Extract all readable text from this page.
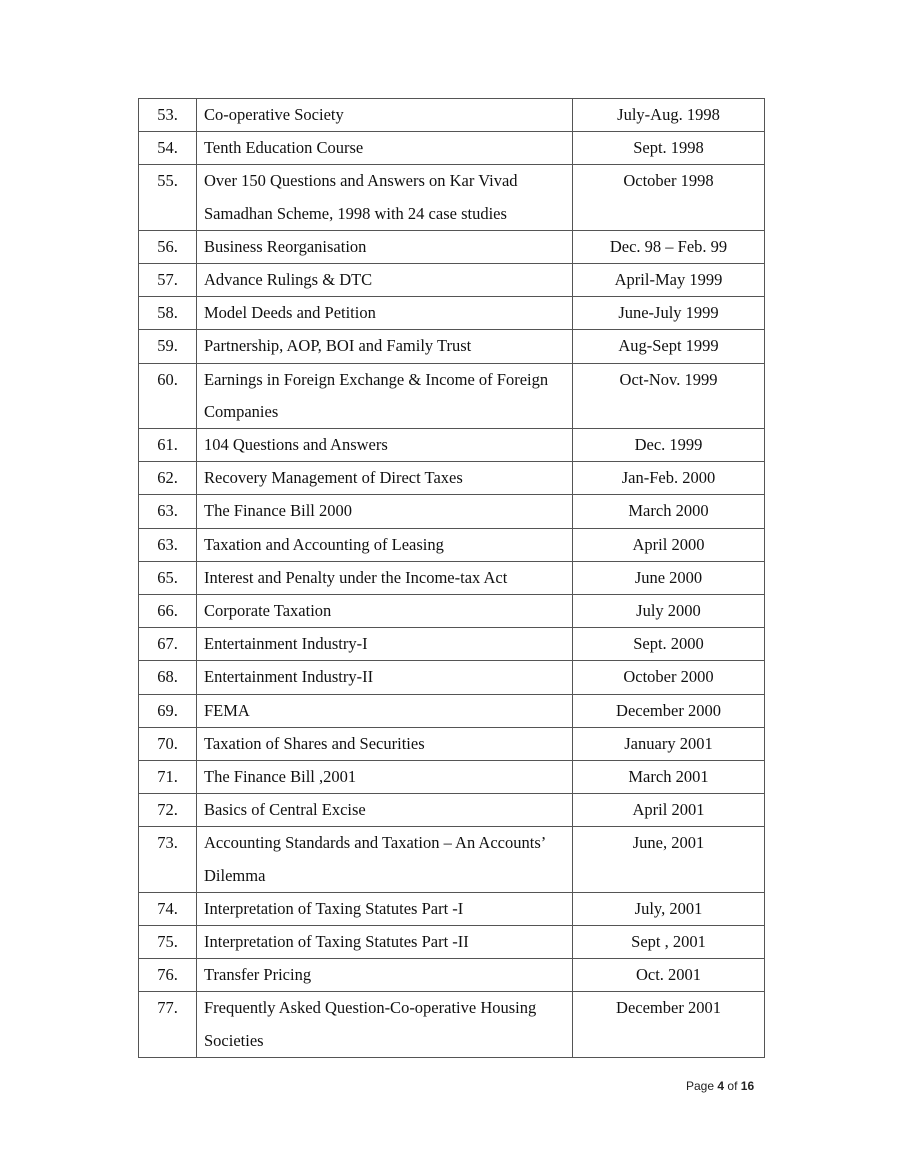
53.	Co-operative Society	July-Aug. 1998
54.	Tenth Education Course	Sept. 1998
55.	Over 150 Questions and Answers on Kar Vivad Samadhan Scheme, 1998 with 24 case studies	October 1998
56.	Business Reorganisation	Dec. 98 – Feb. 99
57.	Advance Rulings & DTC	April-May 1999
58.	Model Deeds and Petition	June-July 1999
59.	Partnership, AOP, BOI and Family Trust	Aug-Sept 1999
60.	Earnings in Foreign Exchange & Income of Foreign Companies	Oct-Nov. 1999
61.	104 Questions and Answers	Dec. 1999
62.	Recovery Management of Direct Taxes	Jan-Feb. 2000
63.	The Finance Bill 2000	March 2000
63.	Taxation and Accounting of Leasing	April 2000
65.	Interest and Penalty under the Income-tax Act	June 2000
66.	Corporate Taxation	July 2000
67.	Entertainment Industry-I	Sept. 2000
68.	Entertainment Industry-II	October 2000
69.	FEMA	December 2000
70.	Taxation of Shares and Securities	January 2001
71.	The Finance Bill ,2001	March 2001
72.	Basics of Central Excise	April 2001
73.	Accounting Standards and Taxation – An Accounts’ Dilemma	June, 2001
74.	Interpretation of Taxing Statutes Part -I	July, 2001
75.	Interpretation of Taxing Statutes Part -II	Sept , 2001
76.	Transfer Pricing	Oct. 2001
77.	Frequently Asked Question-Co-operative Housing Societies	December 2001
Page 4 of 16
